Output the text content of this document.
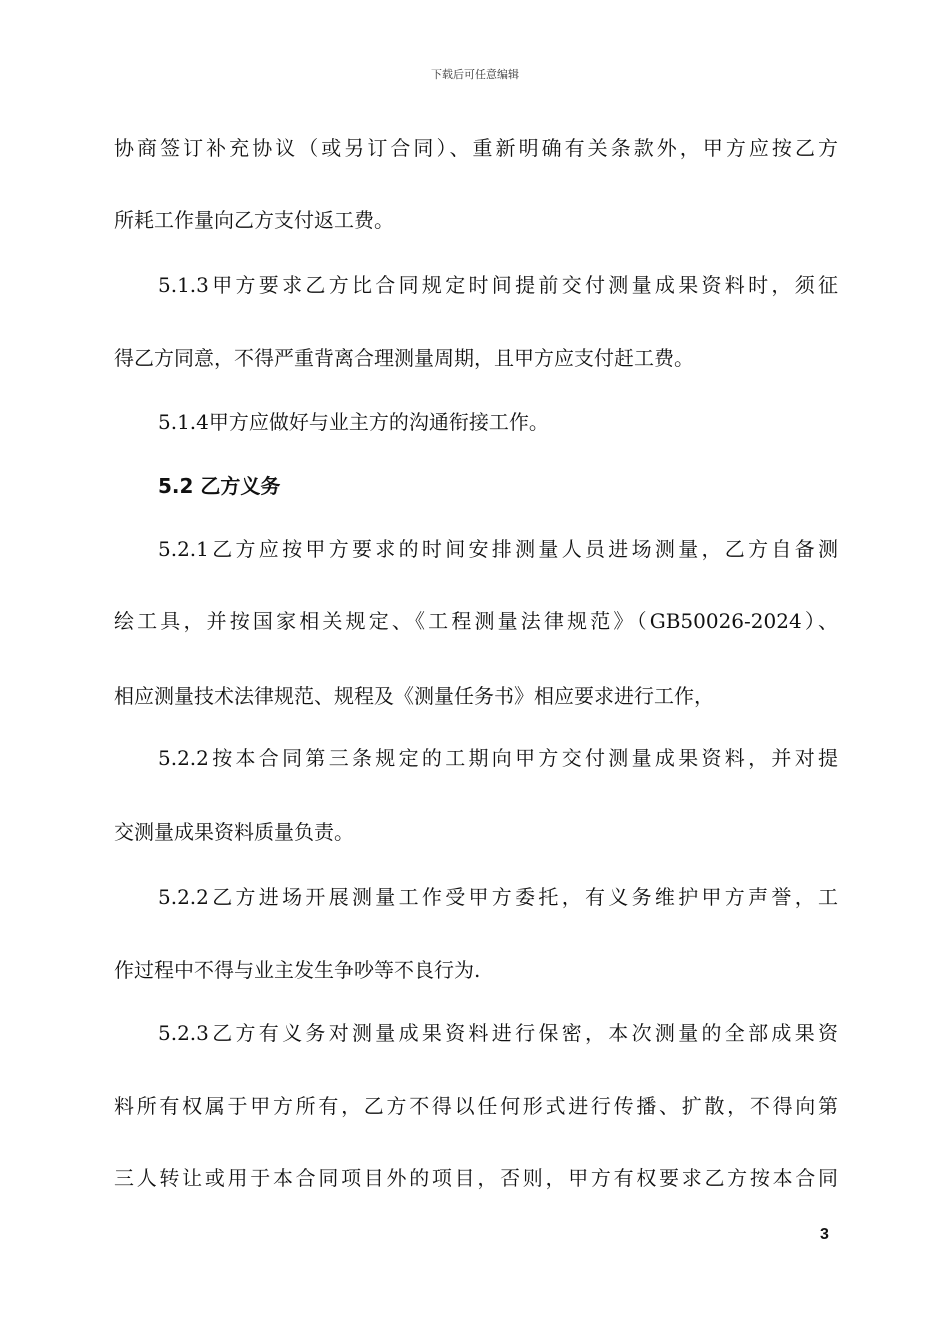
下载后可任意编辑
协商签订补充协议（或另订合同）、重新明确有关条款外，甲方应按乙方
所耗工作量向乙方支付返工费。
5.1.3甲方要求乙方比合同规定时间提前交付测量成果资料时，须征
得乙方同意，不得严重背离合理测量周期，且甲方应支付赶工费。
5.1.4甲方应做好与业主方的沟通衔接工作。
5.2 乙方义务
5.2.1乙方应按甲方要求的时间安排测量人员进场测量，乙方自备测
绘工具，并按国家相关规定、《工程测量法律规范》（GB50026-2024）、
相应测量技术法律规范、规程及《测量任务书》相应要求进行工作，
5.2.2按本合同第三条规定的工期向甲方交付测量成果资料，并对提
交测量成果资料质量负责。
5.2.2乙方进场开展测量工作受甲方委托，有义务维护甲方声誉，工
作过程中不得与业主发生争吵等不良行为.
5.2.3乙方有义务对测量成果资料进行保密，本次测量的全部成果资
料所有权属于甲方所有，乙方不得以任何形式进行传播、扩散，不得向第
三人转让或用于本合同项目外的项目，否则，甲方有权要求乙方按本合同
3
